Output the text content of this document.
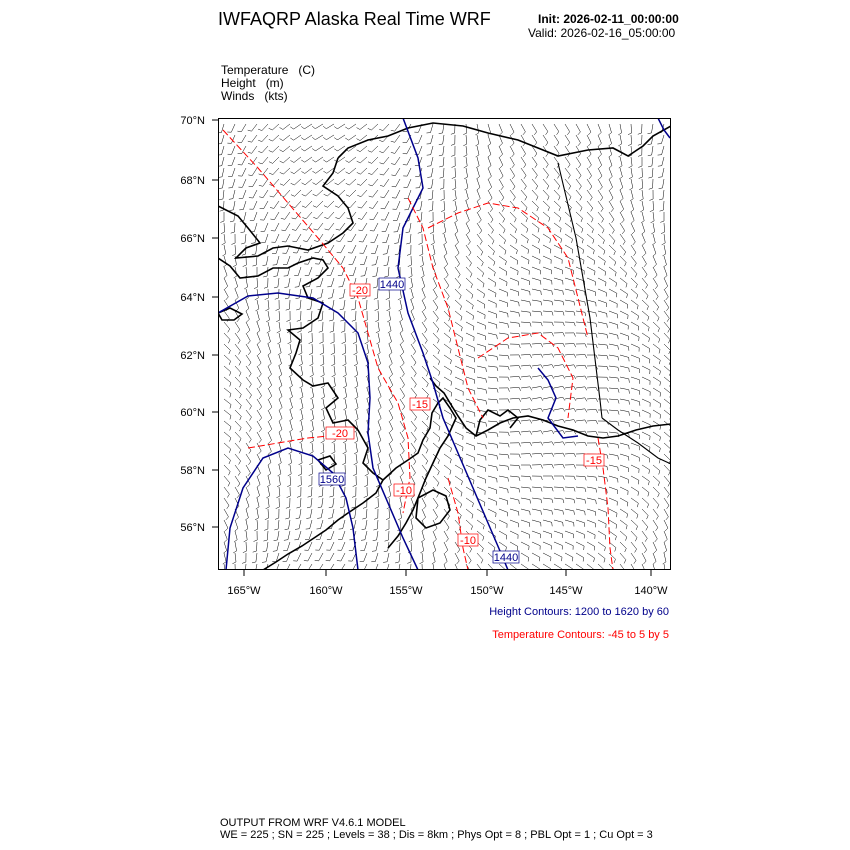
IWFAQRP Alaska Real Time WRF	Init: 2026-02-11_00:00:00
Valid: 2026-02-16_05:00:00
Temperature   (C)
Height   (m)
Winds   (kts)
70°N
68°N
66°N
64°N
62°N
60°N
58°N
56°N
165°W	160°W	155°W	150°W	145°W	140°W
1440
1560
1440
-20
-20
-15
-10
-10
-15
Height Contours: 1200 to 1620 by 60
Temperature Contours: -45 to 5 by 5
OUTPUT FROM WRF V4.6.1 MODEL
WE = 225 ; SN = 225 ; Levels = 38 ; Dis = 8km ; Phys Opt = 8 ; PBL Opt = 1 ; Cu Opt = 3
